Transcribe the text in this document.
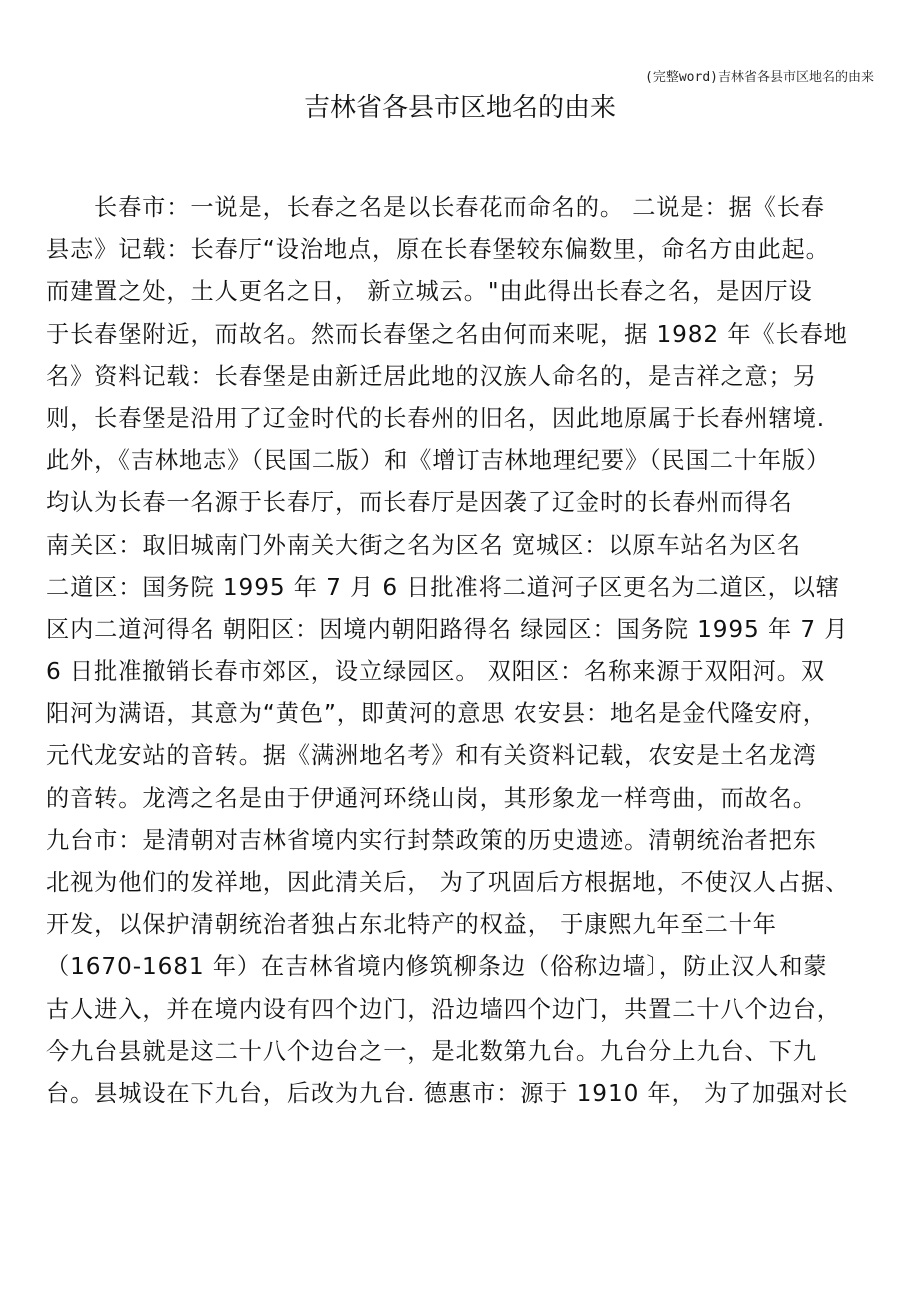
(完整word)吉林省各县市区地名的由来
吉林省各县市区地名的由来
长春市：一说是，长春之名是以长春花而命名的。 二说是：据《长春
县志》记载：长春厅“设治地点，原在长春堡较东偏数里，命名方由此起。
而建置之处，土人更名之日， 新立城云。"由此得出长春之名，是因厅设
于长春堡附近，而故名。然而长春堡之名由何而来呢，据 1982 年《长春地
名》资料记载：长春堡是由新迁居此地的汉族人命名的，是吉祥之意；另
则，长春堡是沿用了辽金时代的长春州的旧名，因此地原属于长春州辖境.
此外，《吉林地志》（民国二版）和《增订吉林地理纪要》（民国二十年版）
均认为长春一名源于长春厅，而长春厅是因袭了辽金时的长春州而得名
南关区：取旧城南门外南关大街之名为区名 宽城区：以原车站名为区名
二道区：国务院 1995 年 7 月 6 日批准将二道河子区更名为二道区，以辖
区内二道河得名 朝阳区：因境内朝阳路得名 绿园区：国务院 1995 年 7 月
6 日批准撤销长春市郊区，设立绿园区。 双阳区：名称来源于双阳河。双
阳河为满语，其意为“黄色”，即黄河的意思 农安县：地名是金代隆安府，
元代龙安站的音转。据《满洲地名考》和有关资料记载，农安是土名龙湾
的音转。龙湾之名是由于伊通河环绕山岗，其形象龙一样弯曲，而故名。
九台市：是清朝对吉林省境内实行封禁政策的历史遗迹。清朝统治者把东
北视为他们的发祥地，因此清关后， 为了巩固后方根据地，不使汉人占据、
开发，以保护清朝统治者独占东北特产的权益， 于康熙九年至二十年
（1670-1681 年）在吉林省境内修筑柳条边（俗称边墙〕，防止汉人和蒙
古人进入，并在境内设有四个边门，沿边墙四个边门，共置二十八个边台，
今九台县就是这二十八个边台之一，是北数第九台。九台分上九台、下九
台。县城设在下九台，后改为九台. 德惠市：源于 1910 年， 为了加强对长
